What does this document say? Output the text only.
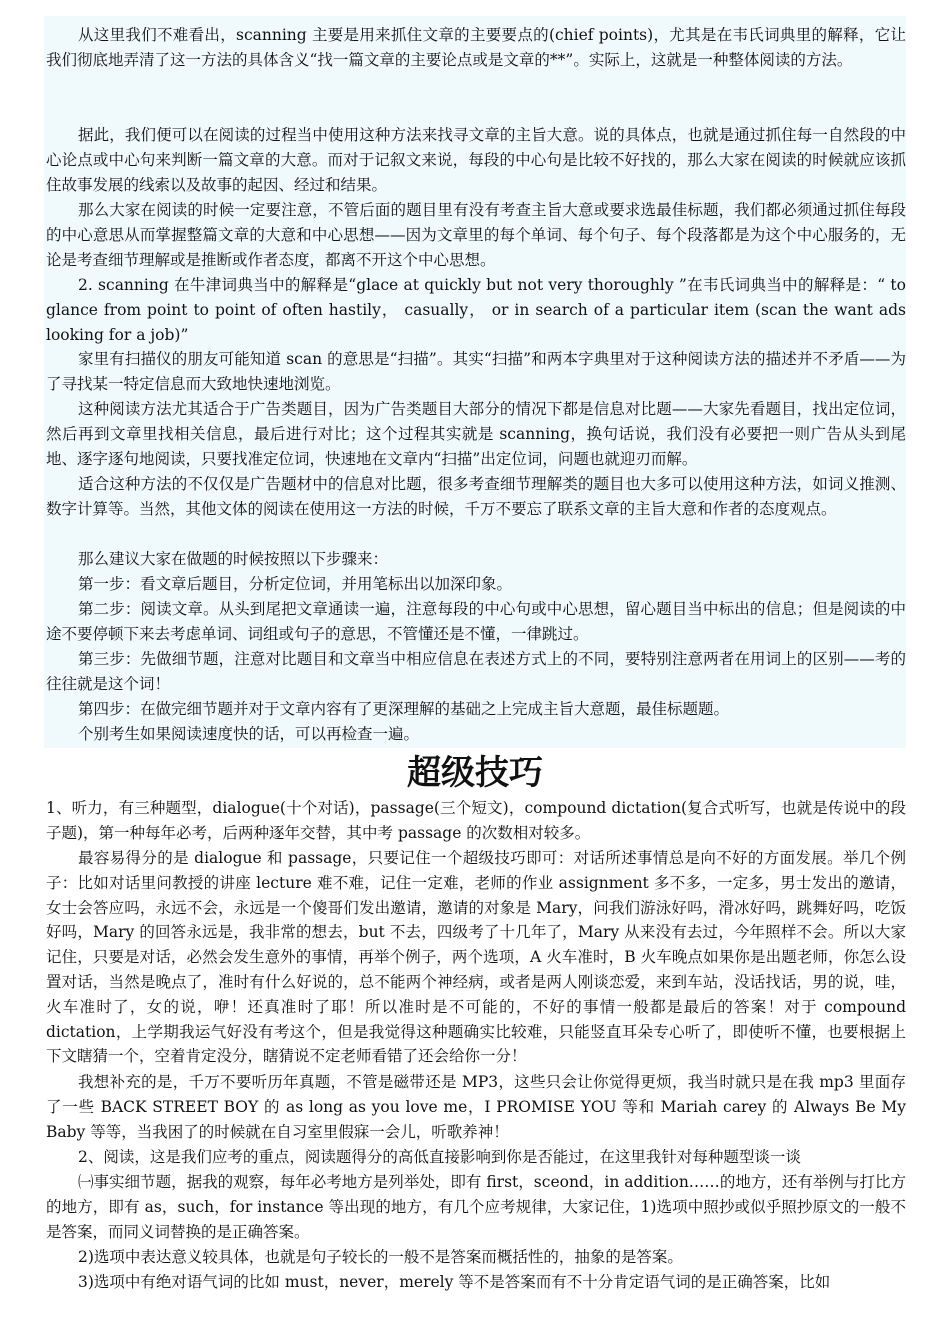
从这里我们不难看出，scanning 主要是用来抓住文章的主要要点的(chief points)，尤其是在韦氏词典里的解释，它让我们彻底地弄清了这一方法的具体含义“找一篇文章的主要论点或是文章的**”。实际上，这就是一种整体阅读的方法。

据此，我们便可以在阅读的过程当中使用这种方法来找寻文章的主旨大意。说的具体点，也就是通过抓住每一自然段的中心论点或中心句来判断一篇文章的大意。而对于记叙文来说，每段的中心句是比较不好找的，那么大家在阅读的时候就应该抓住故事发展的线索以及故事的起因、经过和结果。

那么大家在阅读的时候一定要注意，不管后面的题目里有没有考查主旨大意或要求选最佳标题，我们都必须通过抓住每段的中心意思从而掌握整篇文章的大意和中心思想——因为文章里的每个单词、每个句子、每个段落都是为这个中心服务的，无论是考查细节理解或是推断或作者态度，都离不开这个中心思想。

2. scanning 在牛津词典当中的解释是“glace at quickly but not very thoroughly ”在韦氏词典当中的解释是：“ to glance from point to point of often hastily， casually， or in search of a particular item (scan the want ads looking for a job)”

家里有扫描仪的朋友可能知道 scan 的意思是“扫描”。其实“扫描”和两本字典里对于这种阅读方法的描述并不矛盾——为了寻找某一特定信息而大致地快速地浏览。

这种阅读方法尤其适合于广告类题目，因为广告类题目大部分的情况下都是信息对比题——大家先看题目，找出定位词，然后再到文章里找相关信息，最后进行对比；这个过程其实就是 scanning，换句话说，我们没有必要把一则广告从头到尾地、逐字逐句地阅读，只要找准定位词，快速地在文章内“扫描”出定位词，问题也就迎刃而解。

适合这种方法的不仅仅是广告题材中的信息对比题，很多考查细节理解类的题目也大多可以使用这种方法，如词义推测、数字计算等。当然，其他文体的阅读在使用这一方法的时候，千万不要忘了联系文章的主旨大意和作者的态度观点。

那么建议大家在做题的时候按照以下步骤来：

第一步：看文章后题目，分析定位词，并用笔标出以加深印象。

第二步：阅读文章。从头到尾把文章通读一遍，注意每段的中心句或中心思想，留心题目当中标出的信息；但是阅读的中途不要停顿下来去考虑单词、词组或句子的意思，不管懂还是不懂，一律跳过。

第三步：先做细节题，注意对比题目和文章当中相应信息在表述方式上的不同，要特别注意两者在用词上的区别——考的往往就是这个词！

第四步：在做完细节题并对于文章内容有了更深理解的基础之上完成主旨大意题，最佳标题题。

个别考生如果阅读速度快的话，可以再检查一遍。

超级技巧

1、听力，有三种题型，dialogue(十个对话)，passage(三个短文)，compound dictation(复合式听写，也就是传说中的段子题)，第一种每年必考，后两种逐年交替，其中考 passage 的次数相对较多。

最容易得分的是 dialogue 和 passage，只要记住一个超级技巧即可：对话所述事情总是向不好的方面发展。举几个例子：比如对话里问教授的讲座 lecture 难不难，记住一定难，老师的作业 assignment 多不多，一定多，男士发出的邀请，女士会答应吗，永远不会，永远是一个傻哥们发出邀请，邀请的对象是 Mary，问我们游泳好吗，滑冰好吗，跳舞好吗，吃饭好吗，Mary 的回答永远是，我非常的想去，but 不去，四级考了十几年了，Mary 从来没有去过，今年照样不会。所以大家记住，只要是对话，必然会发生意外的事情，再举个例子，两个选项，A 火车准时，B 火车晚点如果你是出题老师，你怎么设置对话，当然是晚点了，准时有什么好说的，总不能两个神经病，或者是两人刚谈恋爱，来到车站，没话找话，男的说，哇，火车准时了，女的说，咿！还真准时了耶！所以准时是不可能的，不好的事情一般都是最后的答案！对于 compound dictation，上学期我运气好没有考这个，但是我觉得这种题确实比较难，只能竖直耳朵专心听了，即使听不懂，也要根据上下文瞎猜一个，空着肯定没分，瞎猜说不定老师看错了还会给你一分！

我想补充的是，千万不要听历年真题，不管是磁带还是 MP3，这些只会让你觉得更烦，我当时就只是在我 mp3 里面存了一些 BACK STREET BOY 的 as long as you love me，I PROMISE YOU 等和 Mariah carey 的 Always Be My Baby 等等，当我困了的时候就在自习室里假寐一会儿，听歌养神！

2、阅读，这是我们应考的重点，阅读题得分的高低直接影响到你是否能过，在这里我针对每种题型谈一谈

㈠事实细节题，据我的观察，每年必考地方是列举处，即有 first，sceond，in addition……的地方，还有举例与打比方的地方，即有 as，such，for instance 等出现的地方，有几个应考规律，大家记住，1)选项中照抄或似乎照抄原文的一般不是答案，而同义词替换的是正确答案。

2)选项中表达意义较具体，也就是句子较长的一般不是答案而概括性的，抽象的是答案。

3)选项中有绝对语气词的比如 must，never，merely 等不是答案而有不十分肯定语气词的是正确答案，比如
